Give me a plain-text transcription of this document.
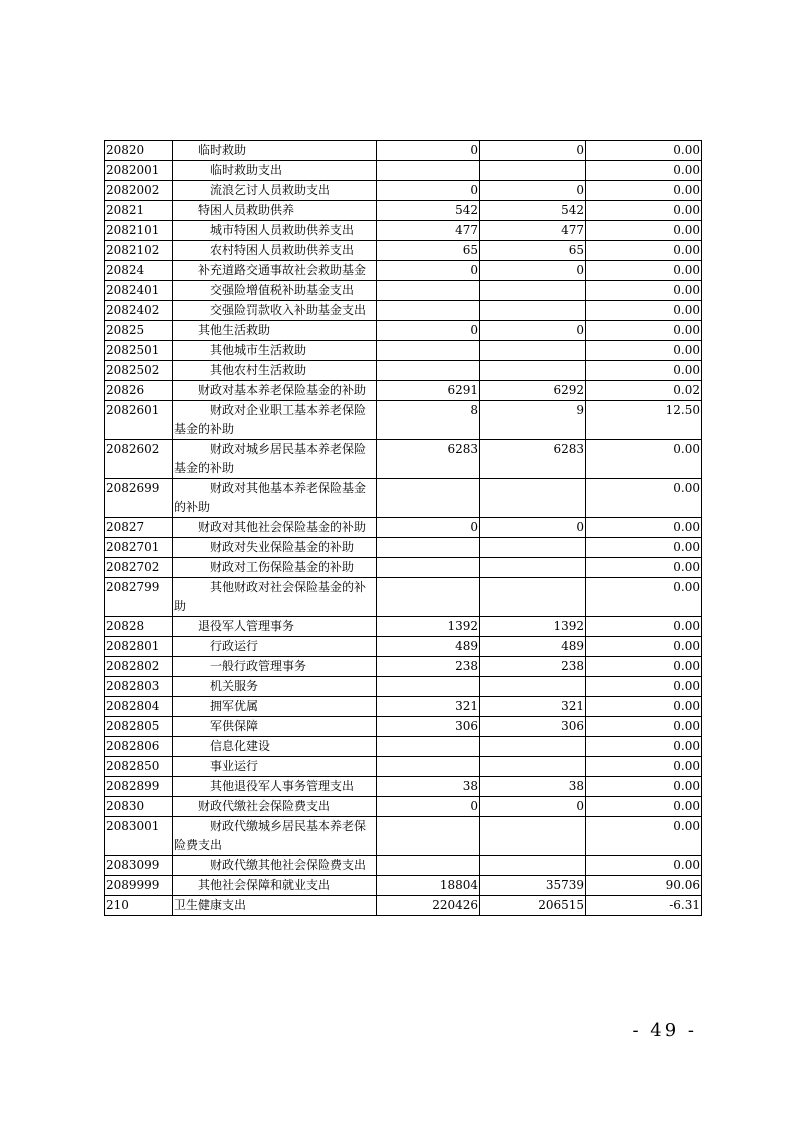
20820	临时救助	0	0	0.00
2082001	临时救助支出			0.00
2082002	流浪乞讨人员救助支出	0	0	0.00
20821	特困人员救助供养	542	542	0.00
2082101	城市特困人员救助供养支出	477	477	0.00
2082102	农村特困人员救助供养支出	65	65	0.00
20824	补充道路交通事故社会救助基金	0	0	0.00
2082401	交强险增值税补助基金支出			0.00
2082402	交强险罚款收入补助基金支出			0.00
20825	其他生活救助	0	0	0.00
2082501	其他城市生活救助			0.00
2082502	其他农村生活救助			0.00
20826	财政对基本养老保险基金的补助	6291	6292	0.02
2082601	财政对企业职工基本养老保险基金的补助	8	9	12.50
2082602	财政对城乡居民基本养老保险基金的补助	6283	6283	0.00
2082699	财政对其他基本养老保险基金的补助			0.00
20827	财政对其他社会保险基金的补助	0	0	0.00
2082701	财政对失业保险基金的补助			0.00
2082702	财政对工伤保险基金的补助			0.00
2082799	其他财政对社会保险基金的补助			0.00
20828	退役军人管理事务	1392	1392	0.00
2082801	行政运行	489	489	0.00
2082802	一般行政管理事务	238	238	0.00
2082803	机关服务			0.00
2082804	拥军优属	321	321	0.00
2082805	军供保障	306	306	0.00
2082806	信息化建设			0.00
2082850	事业运行			0.00
2082899	其他退役军人事务管理支出	38	38	0.00
20830	财政代缴社会保险费支出	0	0	0.00
2083001	财政代缴城乡居民基本养老保险费支出			0.00
2083099	财政代缴其他社会保险费支出			0.00
2089999	其他社会保障和就业支出	18804	35739	90.06
210	卫生健康支出	220426	206515	-6.31
- 49 -
